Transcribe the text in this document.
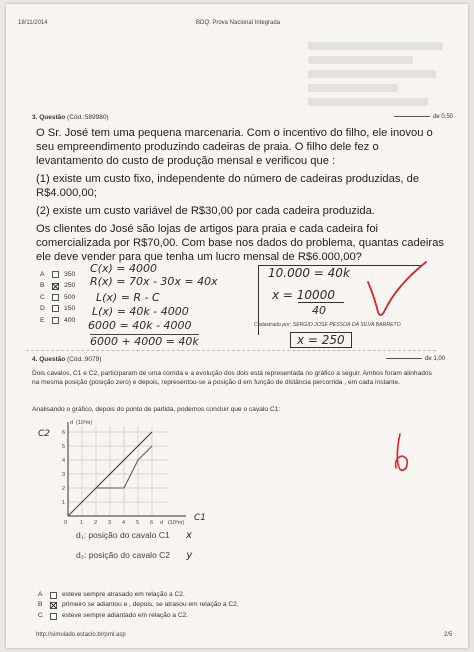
18/11/2014	BDQ: Prova Nacional Integrada
3. Questão (Cód.:589980)	de 0,50

O Sr. José tem uma pequena marcenaria. Com o incentivo do filho, ele inovou o seu empreendimento produzindo cadeiras de praia. O filho dele fez o levantamento do custo de produção mensal e verificou que :

(1) existe um custo fixo, independente do número de cadeiras produzidas, de R$4.000,00;

(2) existe um custo variável de R$30,00 por cada cadeira produzida.

Os clientes do José são lojas de artigos para praia e cada cadeira foi comercializada por R$70,00. Com base nos dados do problema, quantas cadeiras ele deve vender para que tenha um lucro mensal de R$6.000,00?

A	350
B	250
C	500
D	150
E	400
C(x) = 4000
R(x) = 70x - 30x = 40x
L(x) = R - C
L(x) = 40k - 4000
6000 = 40k - 4000
6000 + 4000 = 40k
10.000 = 40k
x = 10000
40
x = 250
Cadastrado por: SERGIO JOSE PESSOA DA SILVA BARRETO
4. Questão (Cód.:9079)	de 1,00
Dois cavalos, C1 e C2, participaram de uma corrida e a evolução dos dois está representada no gráfico a seguir. Ambos foram alinhados na mesma posição (posição zero) e depois, representou-se a posição d em função de distância percorrida , em cada instante.
Analisando o gráfico, depois do ponto de partida, podemos concluir que o cavalo C1:
1
2
3
4
5
6
0 1 2 3 4 5 6 d (10²m)
d (10²m)
C2
C1
d₁: posição do cavalo C1 x
d₂: posição do cavalo C2 y
A	esteve sempre atrasado em relação a C2.
B	primeiro se adiantou e , depois, se atrasou em relação a C2.
C	esteve sempre adiantado em relação a C2.
http://simulado.estacio.br/prnl.asp	2/5
